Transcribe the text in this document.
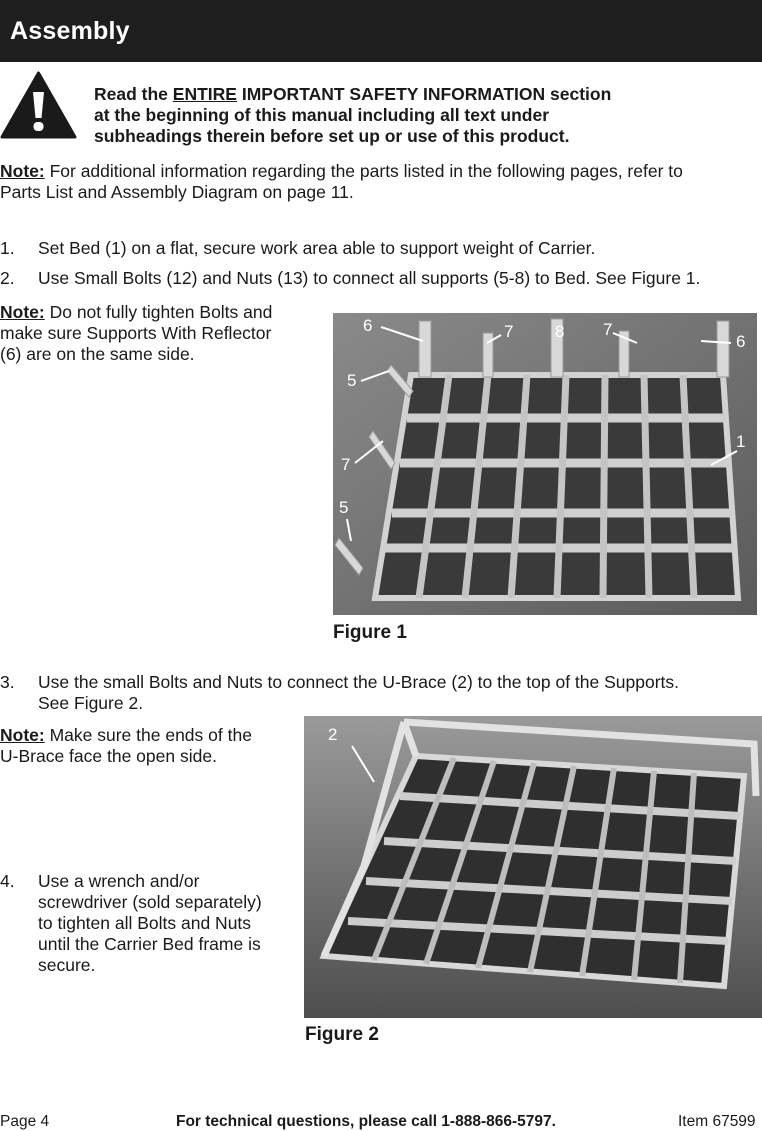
Assembly
Read the ENTIRE IMPORTANT SAFETY INFORMATION section
at the beginning of this manual including all text under
subheadings therein before set up or use of this product.
Note: For additional information regarding the parts listed in the following pages, refer to
Parts List and Assembly Diagram on page 11.
1. Set Bed (1) on a flat, secure work area able to support weight of Carrier.
2. Use Small Bolts (12) and Nuts (13) to connect all supports (5-8) to Bed. See Figure 1.
Note: Do not fully tighten Bolts and
make sure Supports With Reflector
(6) are on the same side.
6	7 8 7
6
5
7
5
1
Figure 1
3. Use the small Bolts and Nuts to connect the U-Brace (2) to the top of the Supports.
See Figure 2.
Note: Make sure the ends of the
U-Brace face the open side.
4. Use a wrench and/or
screwdriver (sold separately)
to tighten all Bolts and Nuts
until the Carrier Bed frame is
secure.
2
Figure 2
Page 4	For technical questions, please call 1-888-866-5797.	Item 67599
